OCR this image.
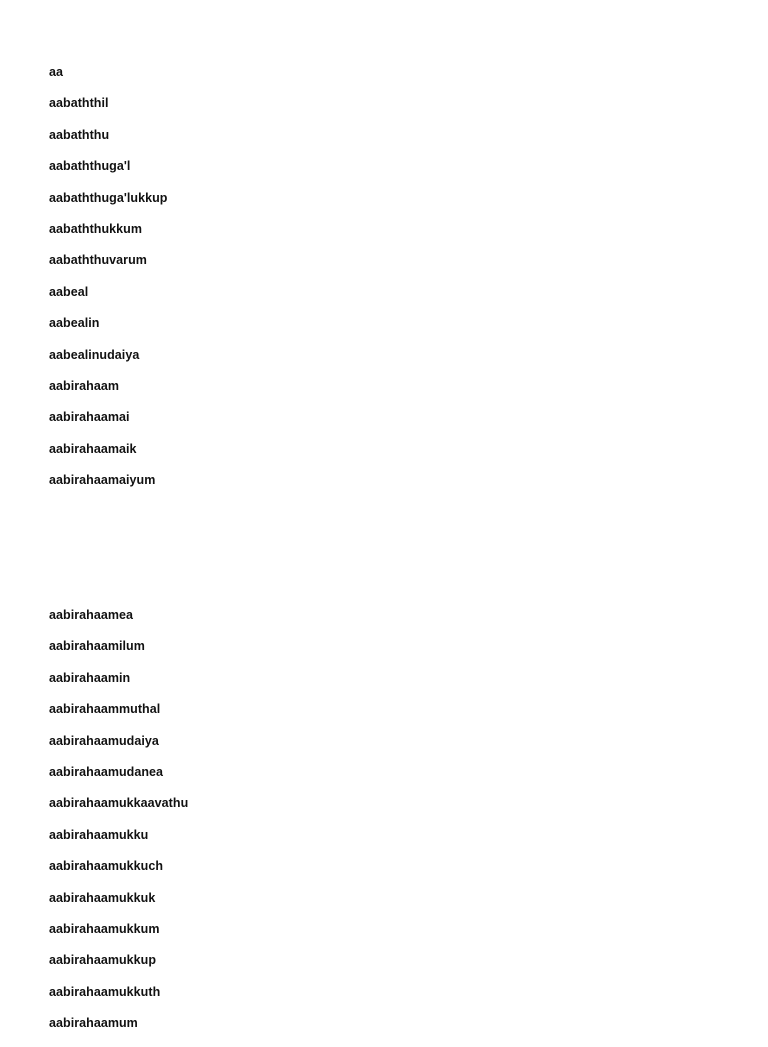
aa
aabaththil
aabaththu
aabaththuga'l
aabaththuga'lukkup
aabaththukkum
aabaththuvarum
aabeal
aabealin
aabealinudaiya
aabirahaam
aabirahaamai
aabirahaamaik
aabirahaamaiyum
aabirahaamea
aabirahaamilum
aabirahaamin
aabirahaammuthal
aabirahaamudaiya
aabirahaamudanea
aabirahaamukkaavathu
aabirahaamukku
aabirahaamukkuch
aabirahaamukkuk
aabirahaamukkum
aabirahaamukkup
aabirahaamukkuth
aabirahaamum
